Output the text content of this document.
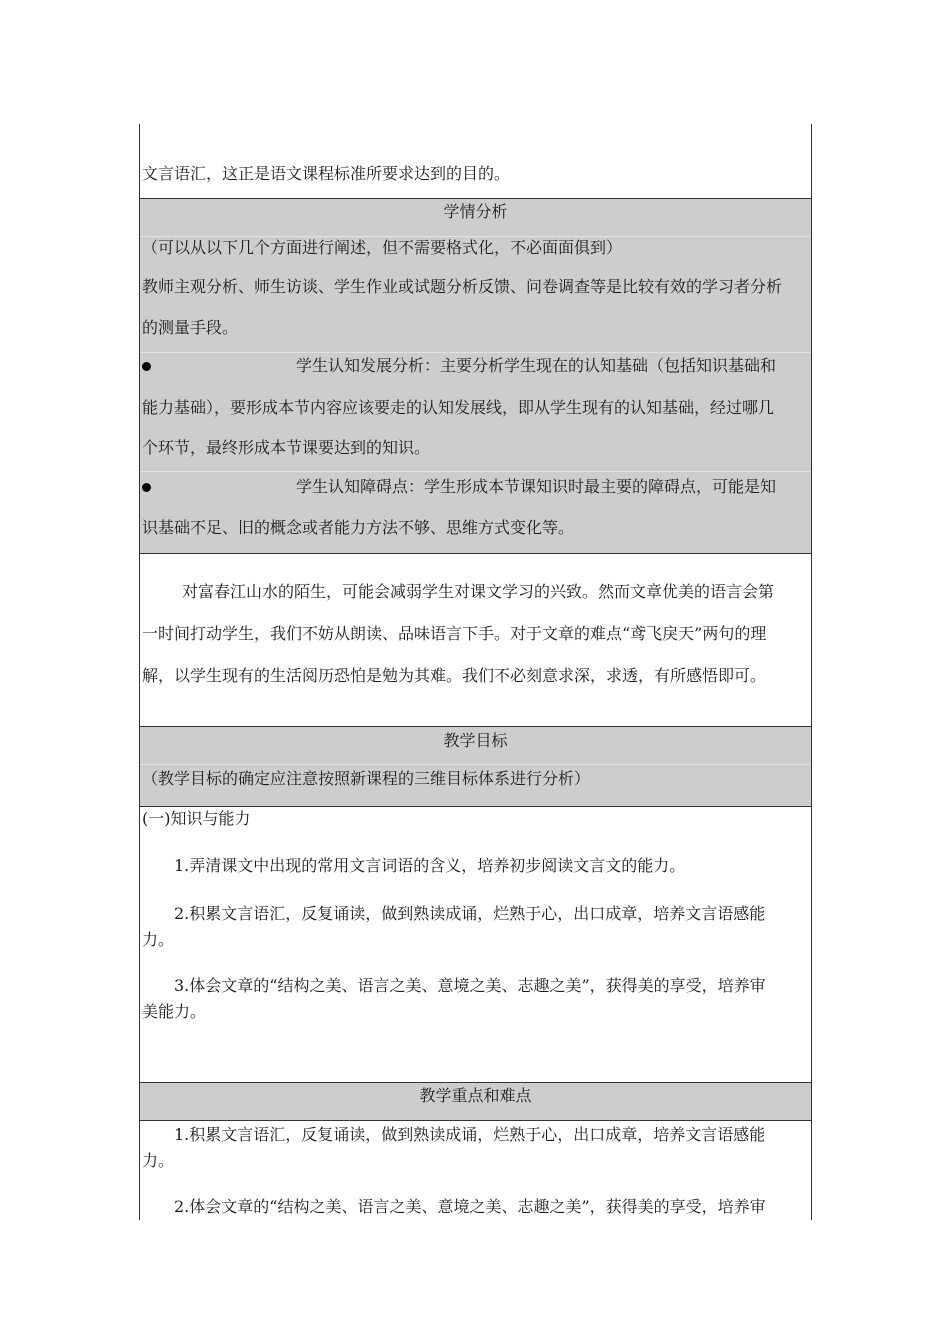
文言语汇，这正是语文课程标准所要求达到的目的。
学情分析
（可以从以下几个方面进行阐述，但不需要格式化，不必面面俱到）
教师主观分析、师生访谈、学生作业或试题分析反馈、问卷调查等是比较有效的学习者分析
的测量手段。
学生认知发展分析：主要分析学生现在的认知基础（包括知识基础和
能力基础），要形成本节内容应该要走的认知发展线，即从学生现有的认知基础，经过哪几
个环节，最终形成本节课要达到的知识。
学生认知障碍点：学生形成本节课知识时最主要的障碍点，可能是知
识基础不足、旧的概念或者能力方法不够、思维方式变化等。
对富春江山水的陌生，可能会减弱学生对课文学习的兴致。然而文章优美的语言会第
一时间打动学生，我们不妨从朗读、品味语言下手。对于文章的难点“鸢飞戾天”两句的理
解，以学生现有的生活阅历恐怕是勉为其难。我们不必刻意求深，求透，有所感悟即可。
教学目标
（教学目标的确定应注意按照新课程的三维目标体系进行分析）
(一)知识与能力
1.弄清课文中出现的常用文言词语的含义，培养初步阅读文言文的能力。
2.积累文言语汇，反复诵读，做到熟读成诵，烂熟于心，出口成章，培养文言语感能
力。
3.体会文章的“结构之美、语言之美、意境之美、志趣之美”，获得美的享受，培养审
美能力。
教学重点和难点
1.积累文言语汇，反复诵读，做到熟读成诵，烂熟于心，出口成章，培养文言语感能
力。
2.体会文章的“结构之美、语言之美、意境之美、志趣之美”，获得美的享受，培养审
